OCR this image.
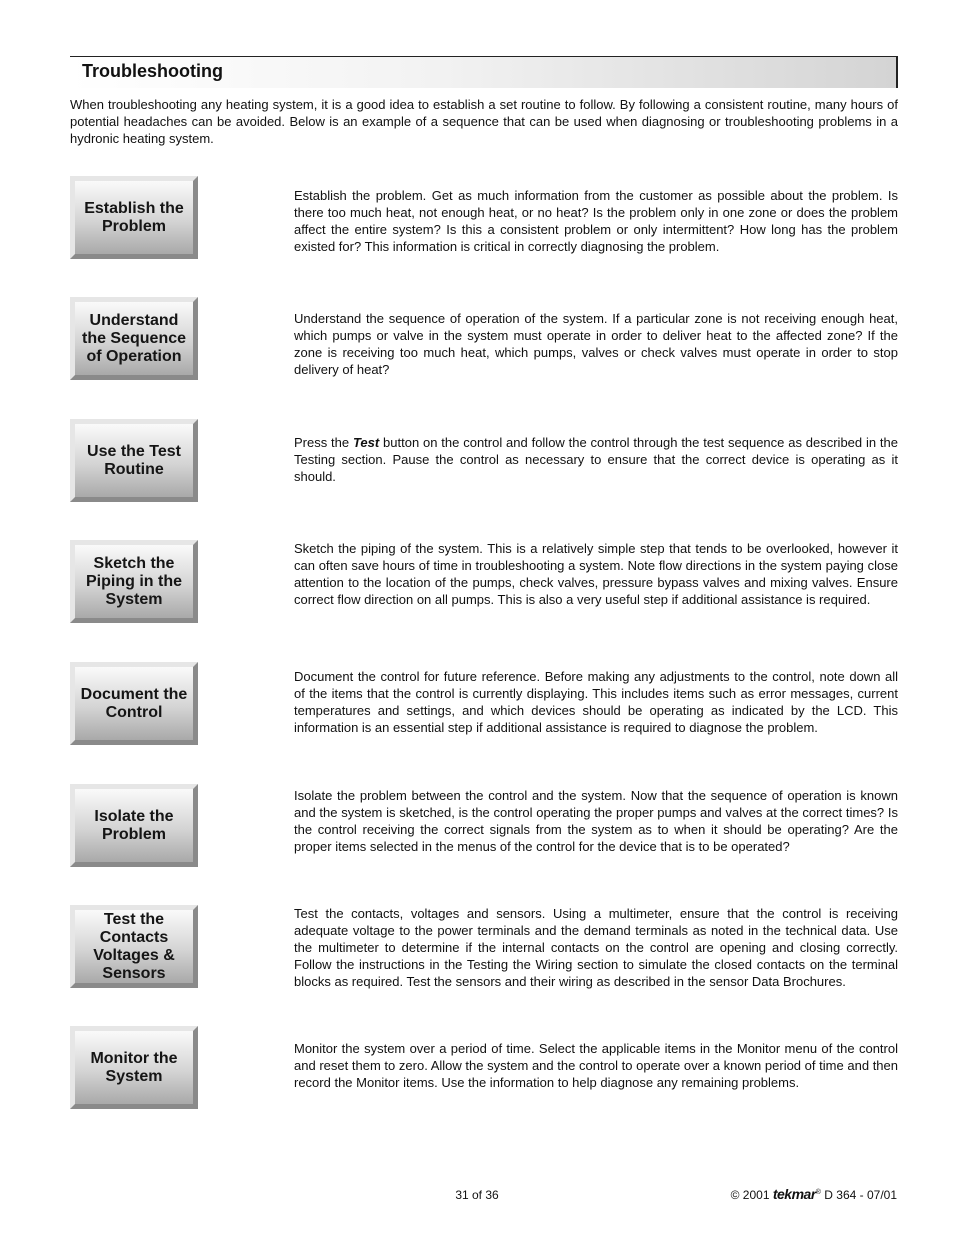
Troubleshooting

When troubleshooting any heating system, it is a good idea to establish a set routine to follow. By following a consistent routine, many hours of potential headaches can be avoided. Below is an example of a sequence that can be used when diagnosing or troubleshooting problems in a hydronic heating system.

Establish the Problem

Establish the problem. Get as much information from the customer as possible about the problem. Is there too much heat, not enough heat, or no heat? Is the problem only in one zone or does the problem affect the entire system? Is this a consistent problem or only intermittent? How long has the problem existed for? This information is critical in correctly diagnosing the problem.

Understand the Sequence of Operation

Understand the sequence of operation of the system. If a particular zone is not receiving enough heat, which pumps or valve in the system must operate in order to deliver heat to the affected zone? If the zone is receiving too much heat, which pumps, valves or check valves must operate in order to stop delivery of heat?

Use the Test Routine

Press the Test button on the control and follow the control through the test sequence as described in the Testing section. Pause the control as necessary to ensure that the correct device is operating as it should.

Sketch the Piping in the System

Sketch the piping of the system. This is a relatively simple step that tends to be overlooked, however it can often save hours of time in troubleshooting a system. Note flow directions in the system paying close attention to the location of the pumps, check valves, pressure bypass valves and mixing valves. Ensure correct flow direction on all pumps. This is also a very useful step if additional assistance is required.

Document the Control

Document the control for future reference. Before making any adjustments to the control, note down all of the items that the control is currently displaying. This includes items such as error messages, current temperatures and settings, and which devices should be operating as indicated by the LCD. This information is an essential step if additional assistance is required to diagnose the problem.

Isolate the Problem

Isolate the problem between the control and the system. Now that the sequence of operation is known and the system is sketched, is the control operating the proper pumps and valves at the correct times? Is the control receiving the correct signals from the system as to when it should be operating? Are the proper items selected in the menus of the control for the device that is to be operated?

Test the Contacts Voltages & Sensors

Test the contacts, voltages and sensors. Using a multimeter, ensure that the control is receiving adequate voltage to the power terminals and the demand terminals as noted in the technical data. Use the multimeter to determine if the internal contacts on the control are opening and closing correctly. Follow the instructions in the Testing the Wiring section to simulate the closed contacts on the terminal blocks as required. Test the sensors and their wiring as described in the sensor Data Brochures.

Monitor the System

Monitor the system over a period of time. Select the applicable items in the Monitor menu of the control and reset them to zero. Allow the system and the control to operate over a known period of time and then record the Monitor items. Use the information to help diagnose any remaining problems.

31 of 36	© 2001 tekmar® D 364 - 07/01
